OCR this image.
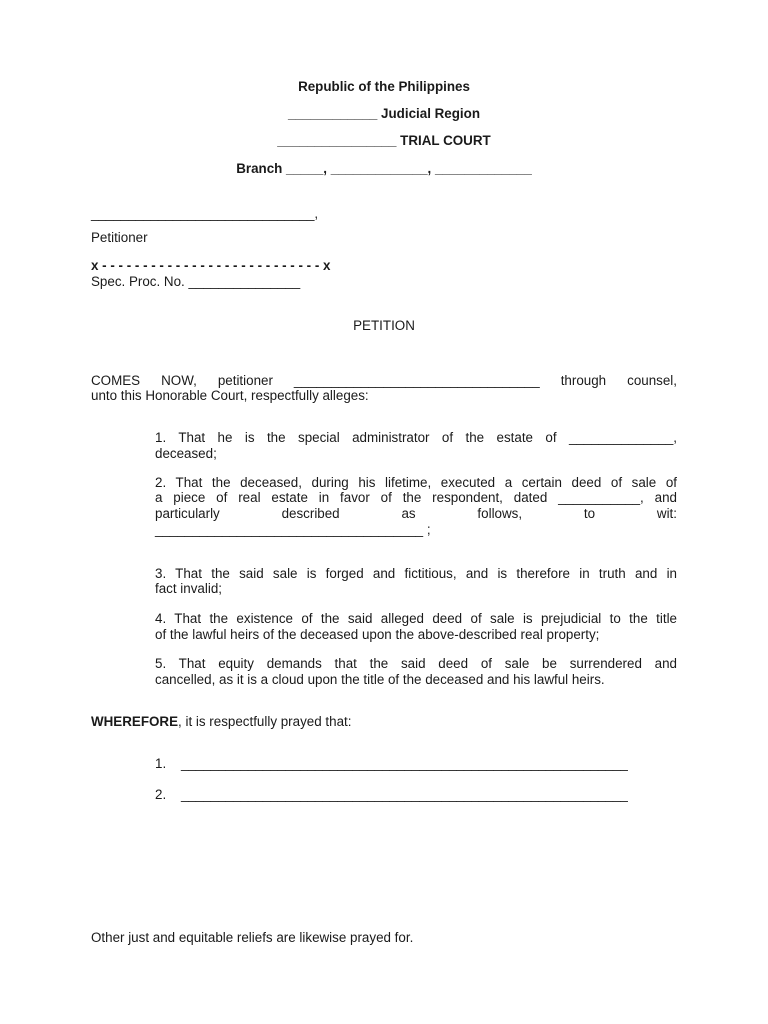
Republic of the Philippines
____________ Judicial Region
________________ TRIAL COURT
Branch _____, _____________, _____________
______________________________,
Petitioner
x - - - - - - - - - - - - - - - - - - - - - - - - - - - x
Spec. Proc. No. _______________
PETITION
COMES NOW, petitioner _________________________________ through counsel,
unto this Honorable Court, respectfully alleges:
1. That he is the special administrator of the estate of ______________,
deceased;
2. That the deceased, during his lifetime, executed a certain deed of sale of
a piece of real estate in favor of the respondent, dated ___________, and
particularly described as follows, to wit:
____________________________________ ;
3. That the said sale is forged and fictitious, and is therefore in truth and in
fact invalid;
4. That the existence of the said alleged deed of sale is prejudicial to the title
of the lawful heirs of the deceased upon the above-described real property;
5. That equity demands that the said deed of sale be surrendered and
cancelled, as it is a cloud upon the title of the deceased and his lawful heirs.
WHEREFORE, it is respectfully prayed that:
1. ____________________________________________________________
2. ____________________________________________________________
Other just and equitable reliefs are likewise prayed for.
